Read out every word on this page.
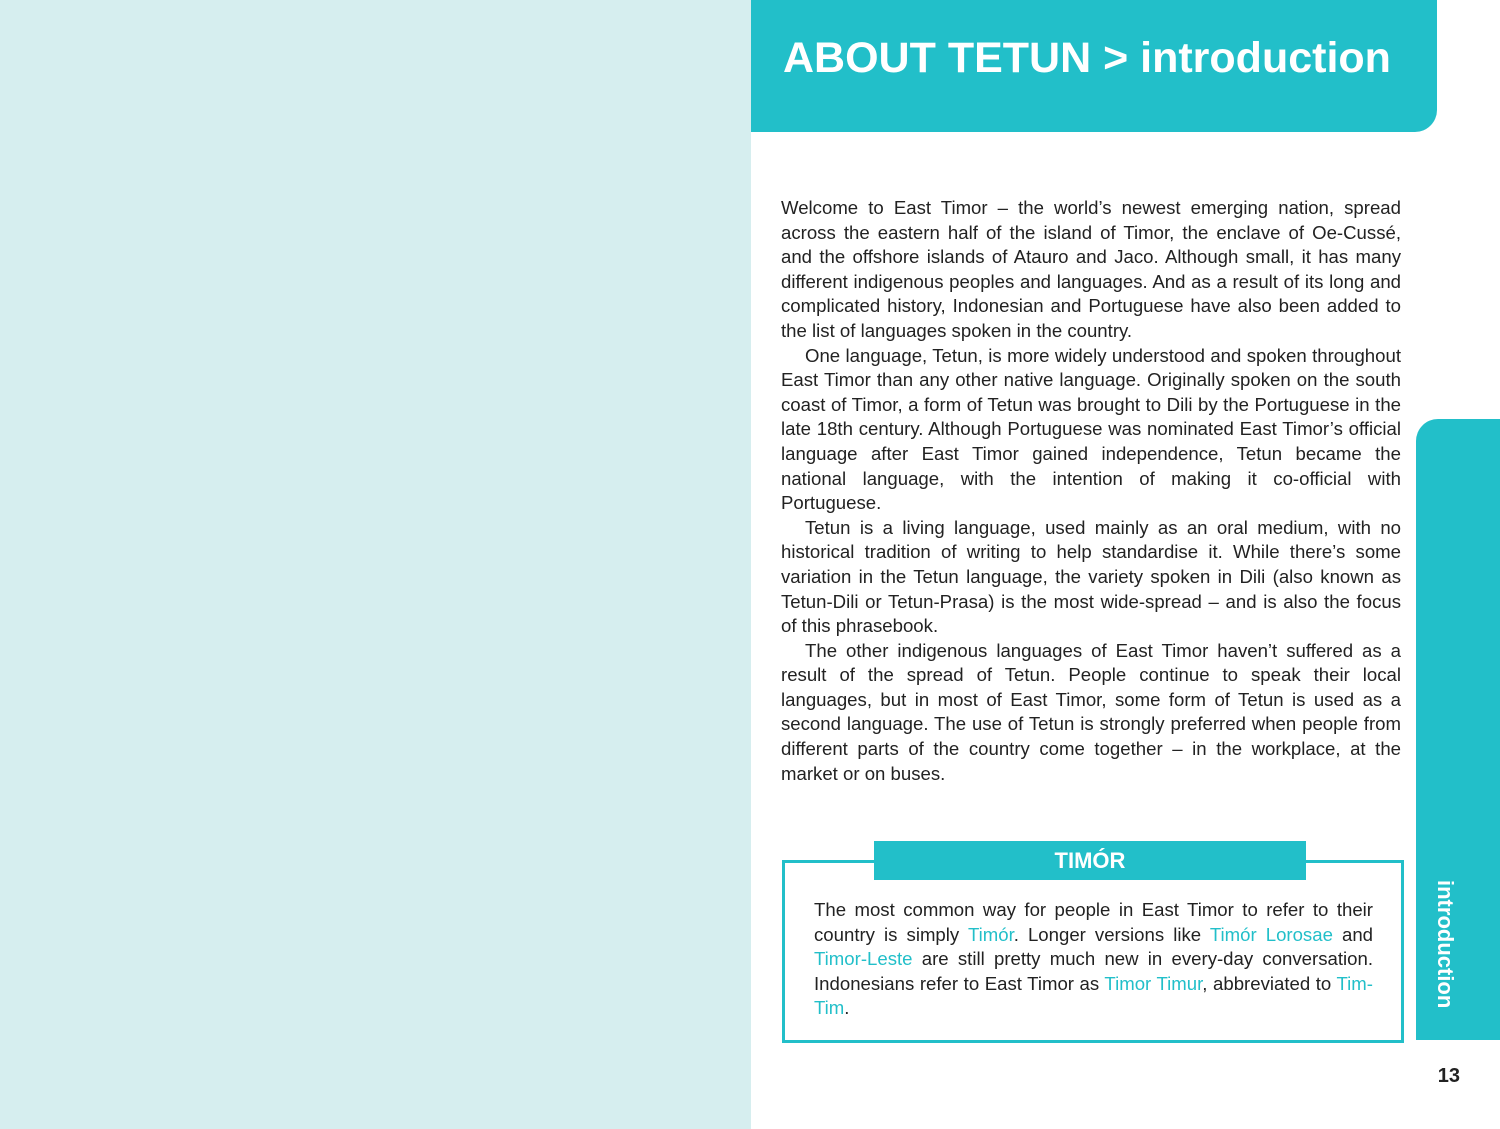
ABOUT TETUN > introduction

Welcome to East Timor – the world’s newest emerging nation, spread across the eastern half of the island of Timor, the enclave of Oe-Cussé, and the offshore islands of Atauro and Jaco. Although small, it has many different indigenous peoples and languages. And as a result of its long and complicated history, Indonesian and Portuguese have also been added to the list of languages spoken in the country.

One language, Tetun, is more widely understood and spoken throughout East Timor than any other native language. Originally spoken on the south coast of Timor, a form of Tetun was brought to Dili by the Portuguese in the late 18th century. Although Portuguese was nominated East Timor’s official language after East Timor gained independence, Tetun became the national language, with the intention of making it co-official with Portuguese.

Tetun is a living language, used mainly as an oral medium, with no historical tradition of writing to help standardise it. While there’s some variation in the Tetun language, the variety spoken in Dili (also known as Tetun-Dili or Tetun-Prasa) is the most wide-spread – and is also the focus of this phrasebook.

The other indigenous languages of East Timor haven’t suffered as a result of the spread of Tetun. People continue to speak their local languages, but in most of East Timor, some form of Tetun is used as a second language. The use of Tetun is strongly preferred when people from different parts of the country come together – in the workplace, at the market or on buses.

TIMÓR

The most common way for people in East Timor to refer to their country is simply Timór. Longer versions like Timór Lorosae and Timor-Leste are still pretty much new in every-day conversation. Indonesians refer to East Timor as Timor Timur, abbreviated to Tim-Tim.	introduction
13
